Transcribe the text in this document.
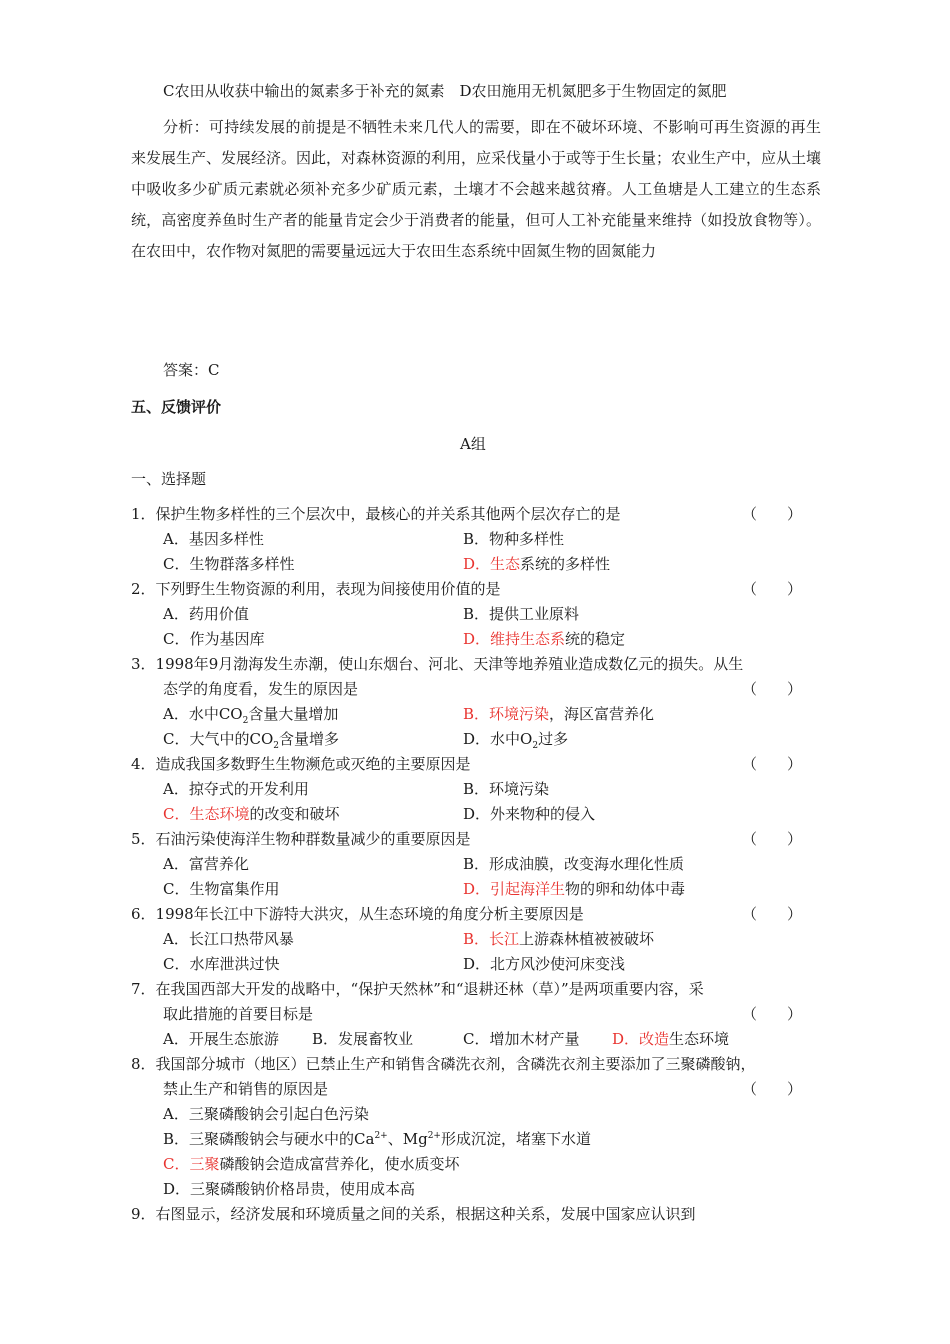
C农田从收获中输出的氮素多于补充的氮素　D农田施用无机氮肥多于生物固定的氮肥

分析：可持续发展的前提是不牺牲未来几代人的需要，即在不破坏环境、不影响可再生资源的再生来发展生产、发展经济。因此，对森林资源的利用，应采伐量小于或等于生长量；农业生产中，应从土壤中吸收多少矿质元素就必须补充多少矿质元素，土壤才不会越来越贫瘠。人工鱼塘是人工建立的生态系统，高密度养鱼时生产者的能量肯定会少于消费者的能量，但可人工补充能量来维持（如投放食物等）。在农田中，农作物对氮肥的需要量远远大于农田生态系统中固氮生物的固氮能力

答案：C
五、反馈评价
A组
一、选择题
1．保护生物多样性的三个层次中，最核心的并关系其他两个层次存亡的是	（　　）
A．基因多样性	B．物种多样性
C．生物群落多样性	D．生态系统的多样性
2．下列野生生物资源的利用，表现为间接使用价值的是	（　　）
A．药用价值	B．提供工业原料
C．作为基因库	D．维持生态系统的稳定
3．1998年9月渤海发生赤潮，使山东烟台、河北、天津等地养殖业造成数亿元的损失。从生
态学的角度看，发生的原因是	（　　）
A．水中$CO_2$含量大量增加	B．环境污染，海区富营养化
C．大气中的$CO_2$含量增多	D．水中$O_2$过多
4．造成我国多数野生生物濒危或灭绝的主要原因是	（　　）
A．掠夺式的开发利用	B．环境污染
C．生态环境的改变和破坏	D．外来物种的侵入
5．石油污染使海洋生物种群数量减少的重要原因是	（　　）
A．富营养化	B．形成油膜，改变海水理化性质
C．生物富集作用	D．引起海洋生物的卵和幼体中毒
6．1998年长江中下游特大洪灾，从生态环境的角度分析主要原因是	（　　）
A．长江口热带风暴	B．长江上游森林植被被破坏
C．水库泄洪过快	D．北方风沙使河床变浅
7．在我国西部大开发的战略中，“保护天然林”和“退耕还林（草）”是两项重要内容，采
取此措施的首要目标是	（　　）
A．开展生态旅游 B．发展畜牧业	C．增加木材产量 D．改造生态环境
8．我国部分城市（地区）已禁止生产和销售含磷洗衣剂，含磷洗衣剂主要添加了三聚磷酸钠，
禁止生产和销售的原因是	（　　）
A．三聚磷酸钠会引起白色污染
B．三聚磷酸钠会与硬水中的$Ca^{2+}$、$Mg^{2+}$形成沉淀，堵塞下水道
C．三聚磷酸钠会造成富营养化，使水质变坏
D．三聚磷酸钠价格昂贵，使用成本高
9．右图显示，经济发展和环境质量之间的关系，根据这种关系，发展中国家应认识到
